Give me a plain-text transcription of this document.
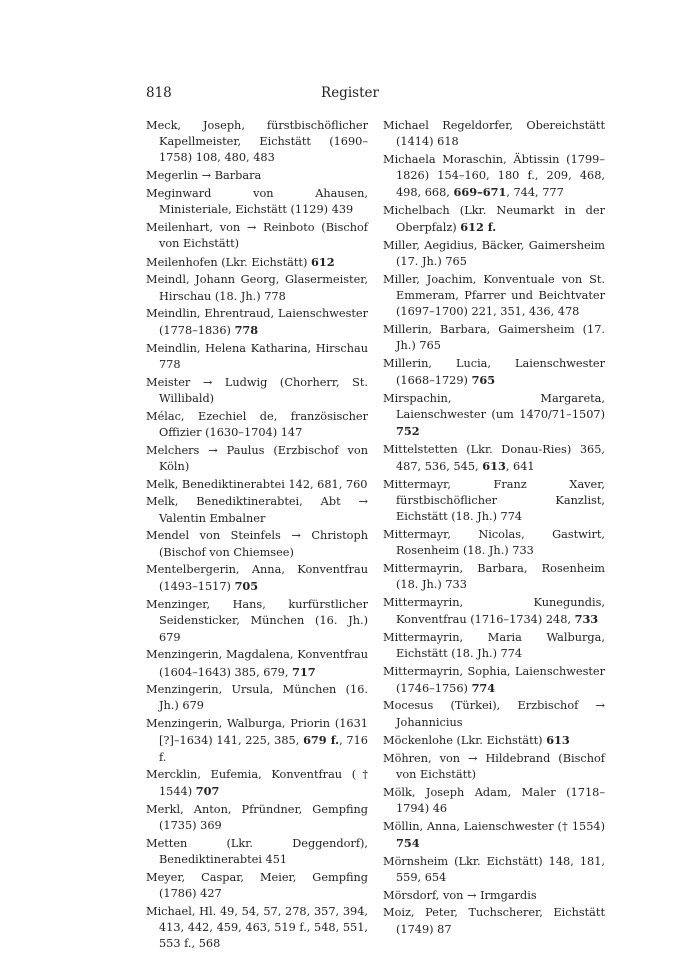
818	Register

Meck, Joseph, fürstbischöflicher Kapellmeister, Eichstätt (1690–1758) 108, 480, 483

Megerlin → Barbara

Meginward von Ahausen, Ministeriale, Eichstätt (1129) 439

Meilenhart, von → Reinboto (Bischof von Eichstätt)

Meilenhofen (Lkr. Eichstätt) 612

Meindl, Johann Georg, Glasermeister, Hirschau (18. Jh.) 778

Meindlin, Ehrentraud, Laienschwester (1778–1836) 778

Meindlin, Helena Katharina, Hirschau 778

Meister → Ludwig (Chorherr, St. Willibald)

Mélac, Ezechiel de, französischer Offizier (1630–1704) 147

Melchers → Paulus (Erzbischof von Köln)

Melk, Benediktinerabtei 142, 681, 760

Melk, Benediktinerabtei, Abt → Valentin Embalner

Mendel von Steinfels → Christoph (Bischof von Chiemsee)

Mentelbergerin, Anna, Konventfrau (1493–1517) 705

Menzinger, Hans, kurfürstlicher Seidensticker, München (16. Jh.) 679

Menzingerin, Magdalena, Konventfrau (1604–1643) 385, 679, 717

Menzingerin, Ursula, München (16. Jh.) 679

Menzingerin, Walburga, Priorin (1631 [?]–1634) 141, 225, 385, 679 f., 716 f.

Mercklin, Eufemia, Konventfrau († 1544) 707

Merkl, Anton, Pfründner, Gempfing (1735) 369

Metten (Lkr. Deggendorf), Benediktinerabtei 451

Meyer, Caspar, Meier, Gempfing (1786) 427

Michael, Hl. 49, 54, 57, 278, 357, 394, 413, 442, 459, 463, 519 f., 548, 551, 553 f., 568

Michael Regeldorfer, Obereichstätt (1414) 618

Michaela Moraschin, Äbtissin (1799–1826) 154–160, 180 f., 209, 468, 498, 668, 669–671, 744, 777

Michelbach (Lkr. Neumarkt in der Oberpfalz) 612 f.

Miller, Aegidius, Bäcker, Gaimersheim (17. Jh.) 765

Miller, Joachim, Konventuale von St. Emmeram, Pfarrer und Beichtvater (1697–1700) 221, 351, 436, 478

Millerin, Barbara, Gaimersheim (17. Jh.) 765

Millerin, Lucia, Laienschwester (1668–1729) 765

Mirspachin, Margareta, Laienschwester (um 1470/71–1507) 752

Mittelstetten (Lkr. Donau-Ries) 365, 487, 536, 545, 613, 641

Mittermayr, Franz Xaver, fürstbischöflicher Kanzlist, Eichstätt (18. Jh.) 774

Mittermayr, Nicolas, Gastwirt, Rosenheim (18. Jh.) 733

Mittermayrin, Barbara, Rosenheim (18. Jh.) 733

Mittermayrin, Kunegundis, Konventfrau (1716–1734) 248, 733

Mittermayrin, Maria Walburga, Eichstätt (18. Jh.) 774

Mittermayrin, Sophia, Laienschwester (1746–1756) 774

Mocesus (Türkei), Erzbischof → Johannicius

Möckenlohe (Lkr. Eichstätt) 613

Möhren, von → Hildebrand (Bischof von Eichstätt)

Mölk, Joseph Adam, Maler (1718–1794) 46

Möllin, Anna, Laienschwester († 1554) 754

Mörnsheim (Lkr. Eichstätt) 148, 181, 559, 654

Mörsdorf, von → Irmgardis

Moiz, Peter, Tuchscherer, Eichstätt (1749) 87
